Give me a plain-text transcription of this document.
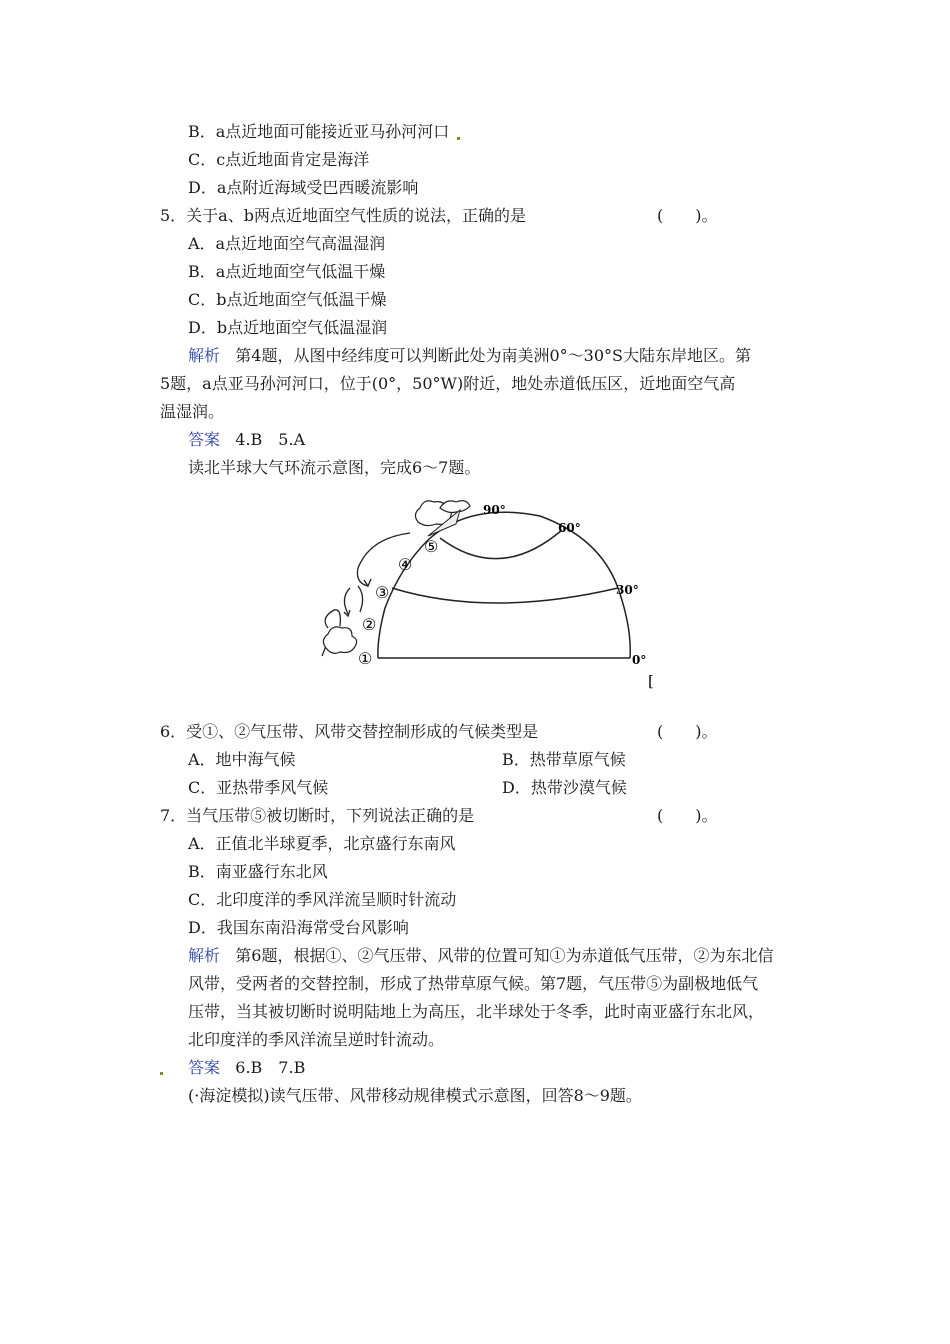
B．a点近地面可能接近亚马孙河河口
C．c点近地面肯定是海洋
D．a点附近海域受巴西暖流影响
5．关于a、b两点近地面空气性质的说法，正确的是	(　　)。
A．a点近地面空气高温湿润
B．a点近地面空气低温干燥
C．b点近地面空气低温干燥
D．b点近地面空气低温湿润
解析 第4题，从图中经纬度可以判断此处为南美洲0°～30°S大陆东岸地区。第
5题，a点亚马孙河河口，位于(0°，50°W)附近，地处赤道低压区，近地面空气高
温湿润。
答案 4.B　5.A
读北半球大气环流示意图，完成6～7题。
90°
60°
30°
0°
①
②
③
④
⑤
[
6．受①、②气压带、风带交替控制形成的气候类型是	(　　)。
A．地中海气候	B．热带草原气候
C．亚热带季风气候	D．热带沙漠气候
7．当气压带⑤被切断时，下列说法正确的是	(　　)。
A．正值北半球夏季，北京盛行东南风
B．南亚盛行东北风
C．北印度洋的季风洋流呈顺时针流动
D．我国东南沿海常受台风影响
解析 第6题，根据①、②气压带、风带的位置可知①为赤道低气压带，②为东北信
风带，受两者的交替控制，形成了热带草原气候。第7题，气压带⑤为副极地低气
压带，当其被切断时说明陆地上为高压，北半球处于冬季，此时南亚盛行东北风，
北印度洋的季风洋流呈逆时针流动。
答案 6.B　7.B
(·海淀模拟)读气压带、风带移动规律模式示意图，回答8～9题。
